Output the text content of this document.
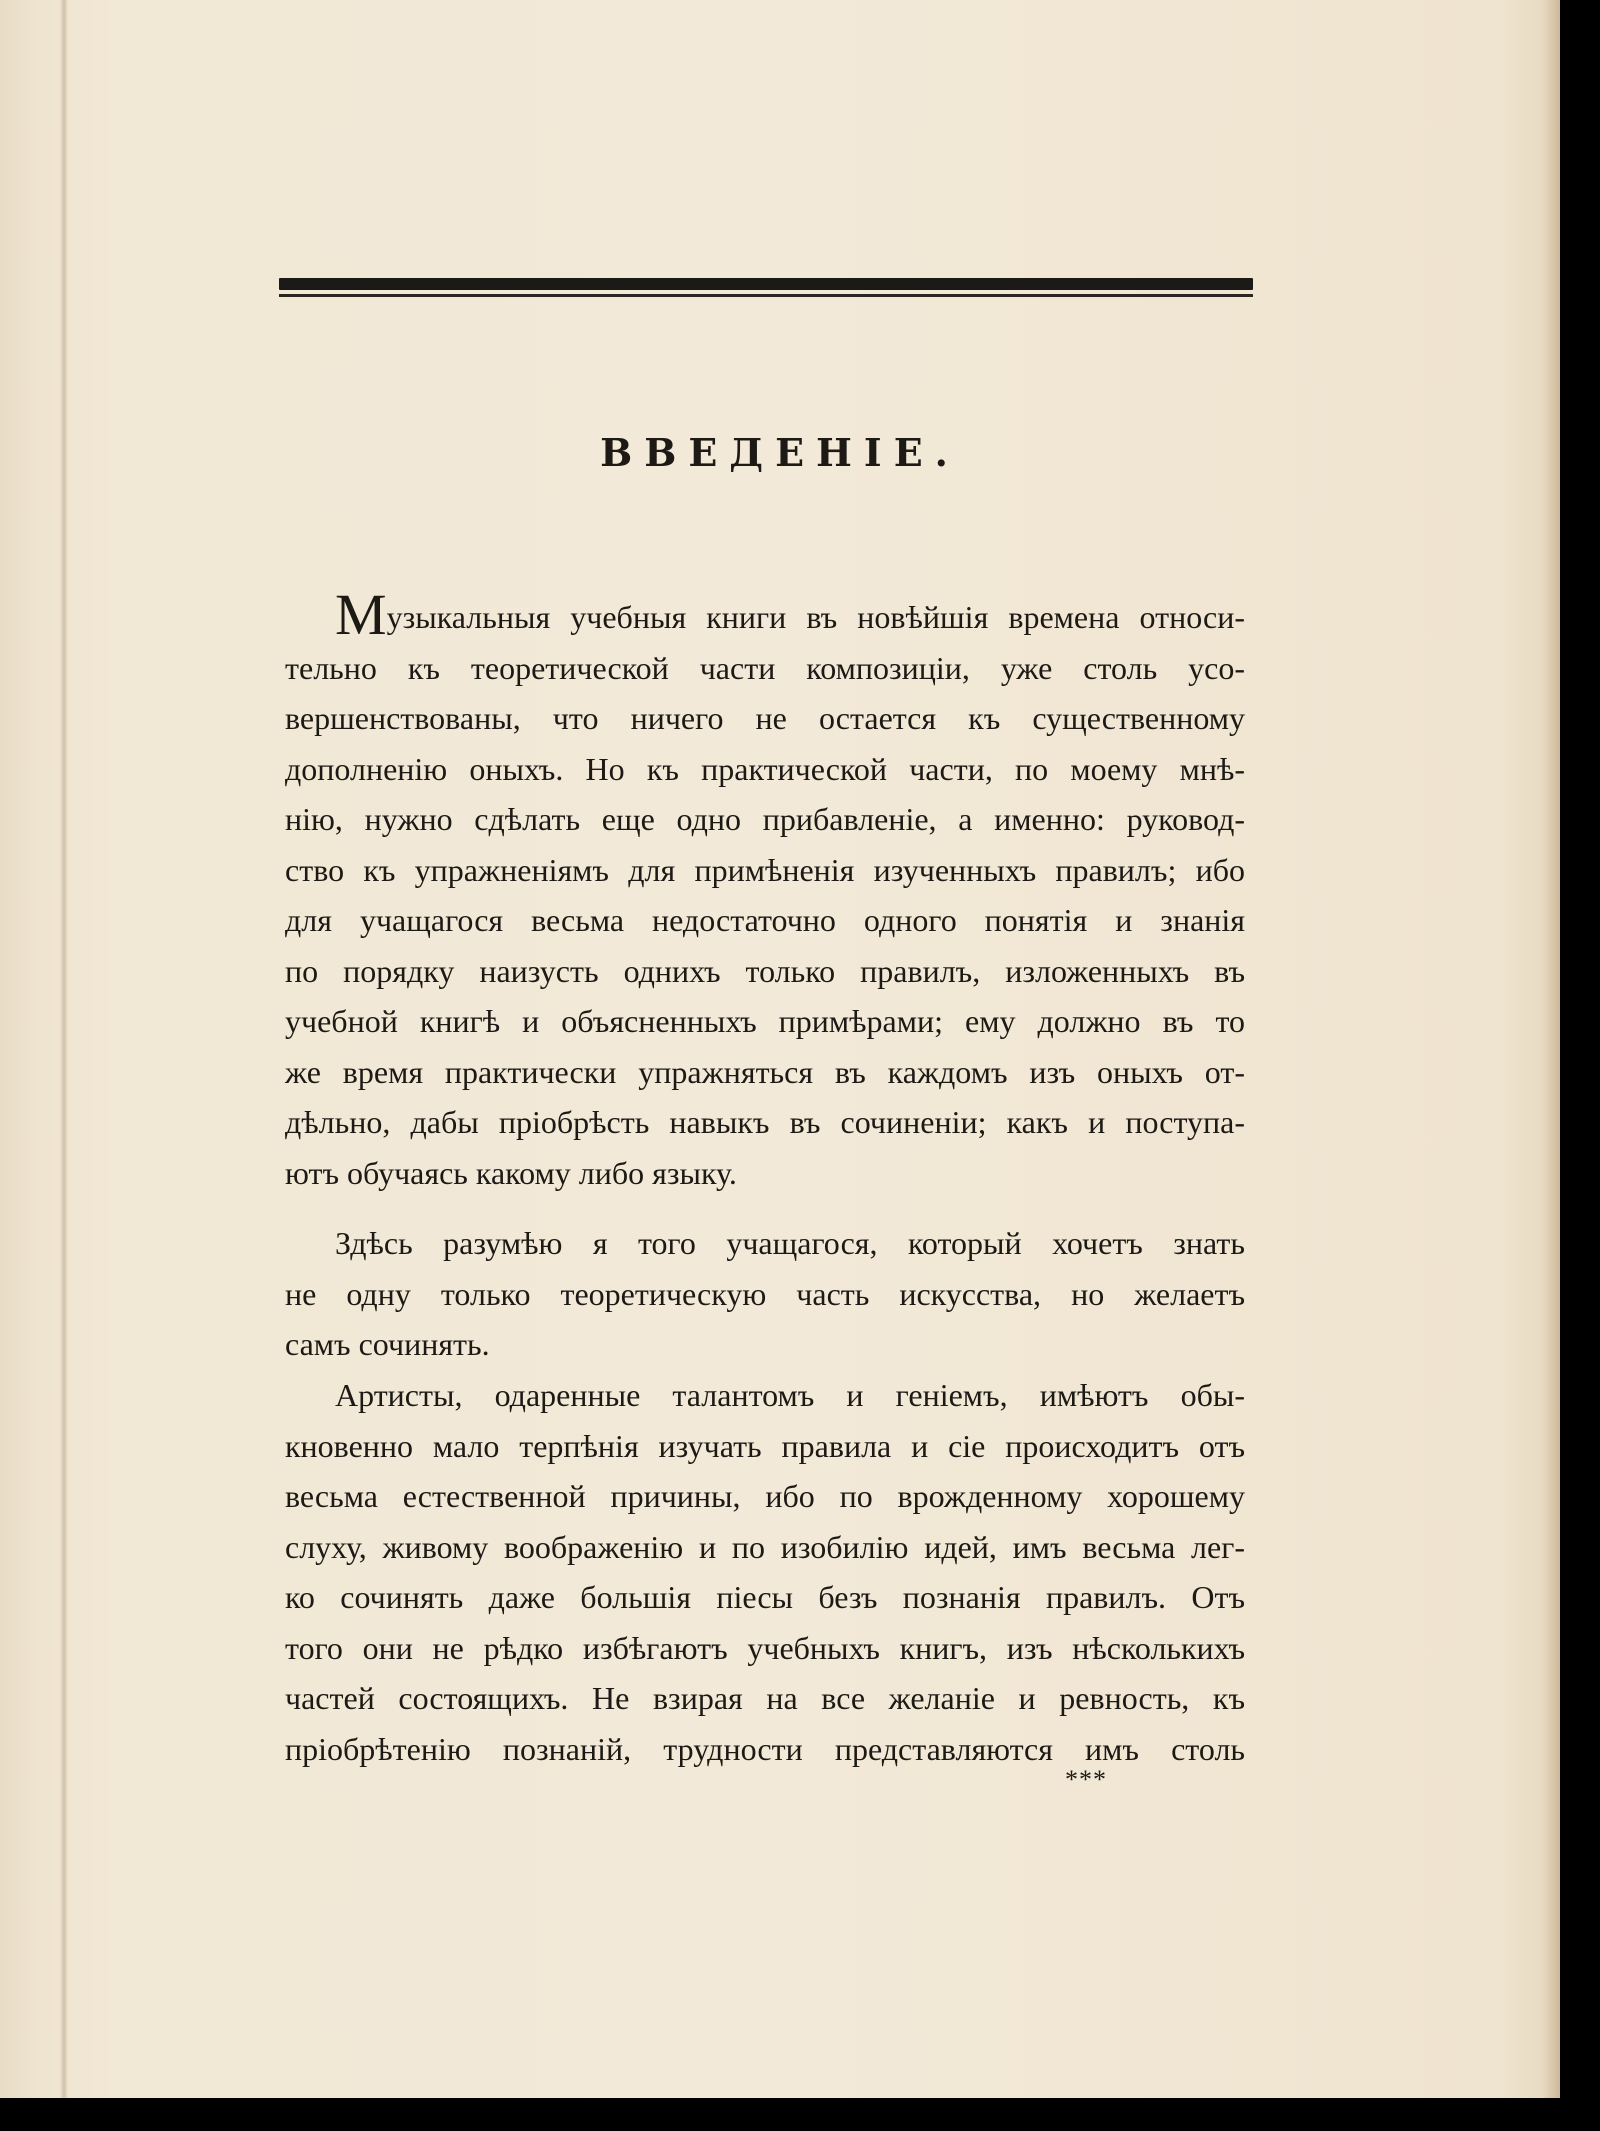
ВВЕДЕНІЕ.
Музыкальныя учебныя книги въ новѣйшія времена относи-
тельно къ теоретической части композиціи, уже столь усо-
вершенствованы, что ничего не остается къ существенному
дополненію оныхъ. Но къ практической части, по моему мнѣ-
нію, нужно сдѣлать еще одно прибавленіе, а именно: руковод-
ство къ упражненіямъ для примѣненія изученныхъ правилъ; ибо
для учащагося весьма недостаточно одного понятія и знанія
по порядку наизусть однихъ только правилъ, изложенныхъ въ
учебной книгѣ и объясненныхъ примѣрами; ему должно въ то
же время практически упражняться въ каждомъ изъ оныхъ от-
дѣльно, дабы пріобрѣсть навыкъ въ сочиненіи; какъ и поступа-
ютъ обучаясь какому либо языку.
Здѣсь разумѣю я того учащагося, который хочетъ знать
не одну только теоретическую часть искусства, но желаетъ
самъ сочинять.
Артисты, одаренные талантомъ и геніемъ, имѣютъ обы-
кновенно мало терпѣнія изучать правила и сіе происходитъ отъ
весьма естественной причины, ибо по врожденному хорошему
слуху, живому воображенію и по изобилію идей, имъ весьма лег-
ко сочинять даже большія піесы безъ познанія правилъ. Отъ
того они не рѣдко избѣгаютъ учебныхъ книгъ, изъ нѣсколькихъ
частей состоящихъ. Не взирая на все желаніе и ревность, къ
пріобрѣтенію познаній, трудности представляются имъ столь
***
